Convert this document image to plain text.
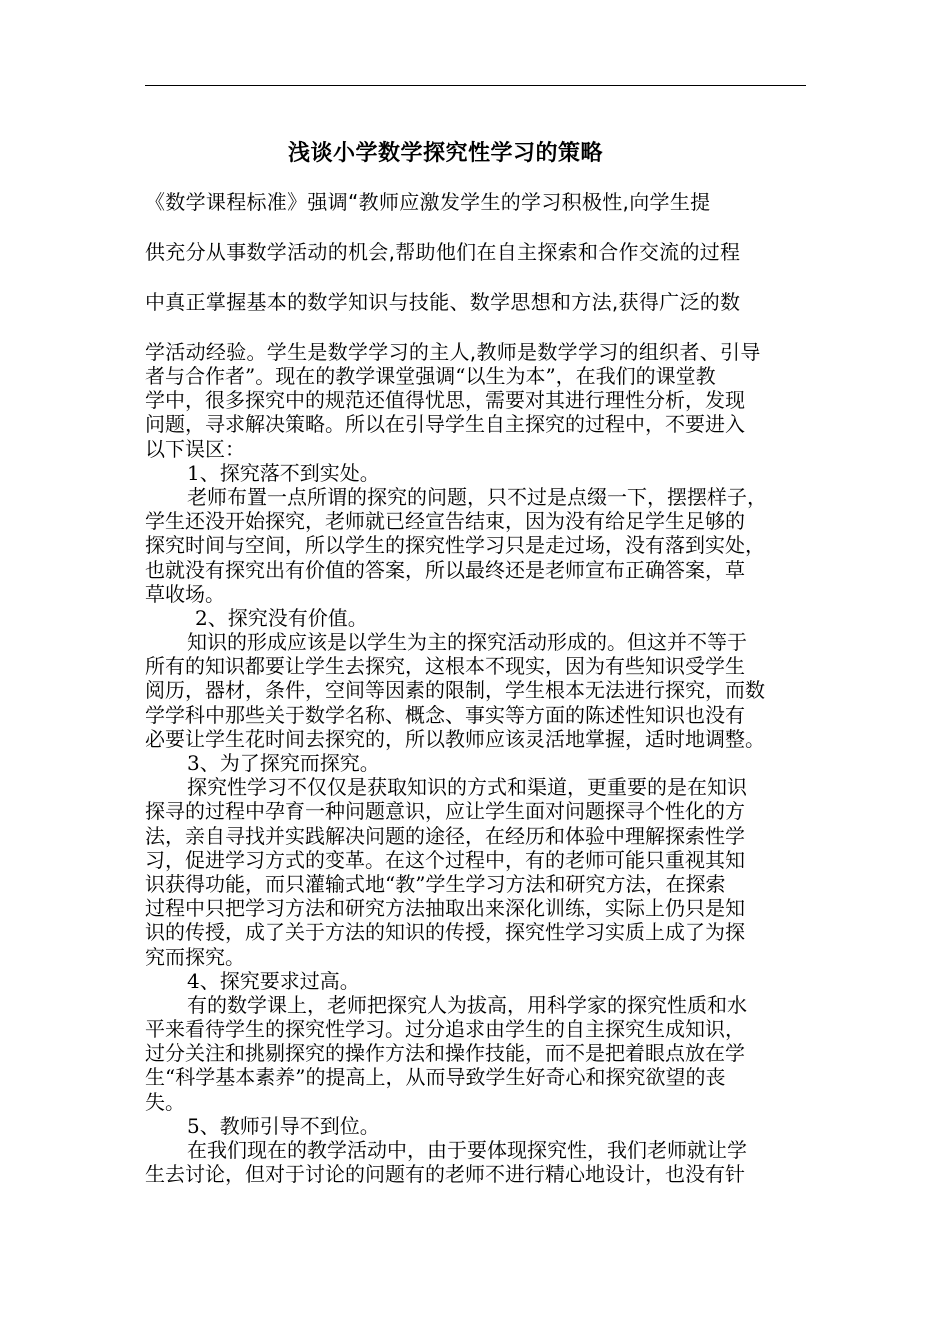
浅谈小学数学探究性学习的策略

《数学课程标准》强调“教师应激发学生的学习积极性,向学生提

供充分从事数学活动的机会,帮助他们在自主探索和合作交流的过程

中真正掌握基本的数学知识与技能、数学思想和方法,获得广泛的数

学活动经验。学生是数学学习的主人,教师是数学学习的组织者、引导

者与合作者”。现在的教学课堂强调“以生为本”，在我们的课堂教
学中，很多探究中的规范还值得忧思，需要对其进行理性分析，发现
问题，寻求解决策略。所以在引导学生自主探究的过程中，不要进入
以下误区：
1、探究落不到实处。
老师布置一点所谓的探究的问题，只不过是点缀一下，摆摆样子，
学生还没开始探究，老师就已经宣告结束，因为没有给足学生足够的
探究时间与空间，所以学生的探究性学习只是走过场，没有落到实处，
也就没有探究出有价值的答案，所以最终还是老师宣布正确答案，草
草收场。
2、探究没有价值。
知识的形成应该是以学生为主的探究活动形成的。但这并不等于
所有的知识都要让学生去探究，这根本不现实，因为有些知识受学生
阅历，器材，条件，空间等因素的限制，学生根本无法进行探究，而数
学学科中那些关于数学名称、概念、事实等方面的陈述性知识也没有
必要让学生花时间去探究的，所以教师应该灵活地掌握，适时地调整。
3、为了探究而探究。
探究性学习不仅仅是获取知识的方式和渠道，更重要的是在知识
探寻的过程中孕育一种问题意识，应让学生面对问题探寻个性化的方
法，亲自寻找并实践解决问题的途径，在经历和体验中理解探索性学
习，促进学习方式的变革。在这个过程中，有的老师可能只重视其知
识获得功能，而只灌输式地“教”学生学习方法和研究方法，在探索
过程中只把学习方法和研究方法抽取出来深化训练，实际上仍只是知
识的传授，成了关于方法的知识的传授，探究性学习实质上成了为探
究而探究。
4、探究要求过高。
有的数学课上，老师把探究人为拔高，用科学家的探究性质和水
平来看待学生的探究性学习。过分追求由学生的自主探究生成知识，
过分关注和挑剔探究的操作方法和操作技能，而不是把着眼点放在学
生“科学基本素养”的提高上，从而导致学生好奇心和探究欲望的丧
失。
5、教师引导不到位。
在我们现在的教学活动中，由于要体现探究性，我们老师就让学
生去讨论，但对于讨论的问题有的老师不进行精心地设计，也没有针
